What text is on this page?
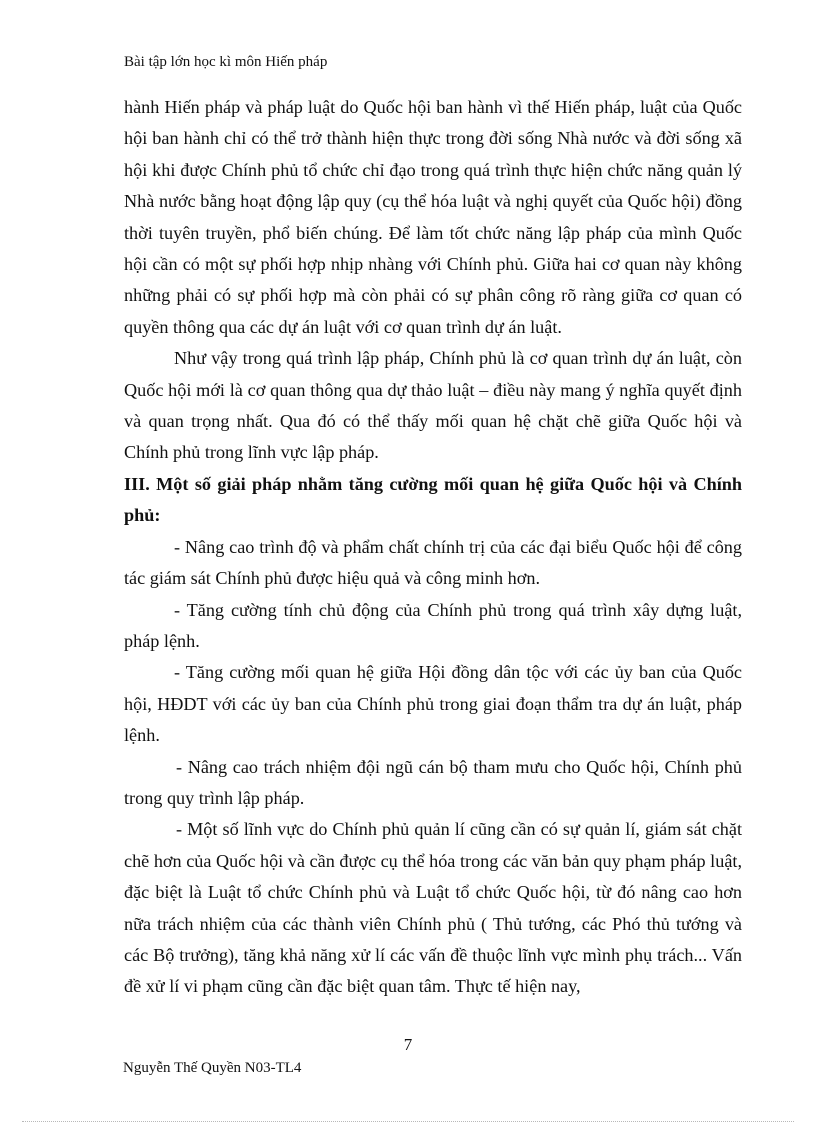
Bài tập lớn học kì môn Hiến pháp

hành Hiến pháp và pháp luật do Quốc hội ban hành vì thế Hiến pháp, luật của Quốc hội ban hành chỉ có thể trở thành hiện thực trong đời sống Nhà nước và đời sống xã hội khi được Chính phủ tổ chức chỉ đạo trong quá trình thực hiện chức năng quản lý Nhà nước bằng hoạt động lập quy (cụ thể hóa luật và nghị quyết của Quốc hội) đồng thời tuyên truyền, phổ biến chúng. Để làm tốt chức năng lập pháp của mình Quốc hội cần có một sự phối hợp nhịp nhàng với Chính phủ. Giữa hai cơ quan này không những phải có sự phối hợp mà còn phải có sự phân công rõ ràng giữa cơ quan có quyền thông qua các dự án luật với cơ quan trình dự án luật.

Như vậy trong quá trình lập pháp, Chính phủ là cơ quan trình dự án luật, còn Quốc hội mới là cơ quan thông qua dự thảo luật – điều này mang ý nghĩa quyết định và quan trọng nhất. Qua đó có thể thấy mối quan hệ chặt chẽ giữa Quốc hội và Chính phủ trong lĩnh vực lập pháp.

III. Một số giải pháp nhằm tăng cường mối quan hệ giữa Quốc hội và Chính phủ:

- Nâng cao trình độ và phẩm chất chính trị của các đại biểu Quốc hội để công tác giám sát Chính phủ được hiệu quả và công minh hơn.

- Tăng cường tính chủ động của Chính phủ trong quá trình xây dựng luật, pháp lệnh.

- Tăng cường mối quan hệ giữa Hội đồng dân tộc với các ủy ban của Quốc hội, HĐDT với các ủy ban của Chính phủ trong giai đoạn thẩm tra dự án luật, pháp lệnh.

- Nâng cao trách nhiệm đội ngũ cán bộ tham mưu cho Quốc hội, Chính phủ trong quy trình lập pháp.

- Một số lĩnh vực do Chính phủ quản lí cũng cần có sự quản lí, giám sát chặt chẽ hơn của Quốc hội và cần được cụ thể hóa trong các văn bản quy phạm pháp luật, đặc biệt là Luật tổ chức Chính phủ và Luật tổ chức Quốc hội, từ đó nâng cao hơn nữa trách nhiệm của các thành viên Chính phủ ( Thủ tướng, các Phó thủ tướng và các Bộ trưởng), tăng khả năng xử lí các vấn đề thuộc lĩnh vực mình phụ trách... Vấn đề xử lí vi phạm cũng cần đặc biệt quan tâm. Thực tế hiện nay,

7
Nguyễn Thế Quyền N03-TL4
